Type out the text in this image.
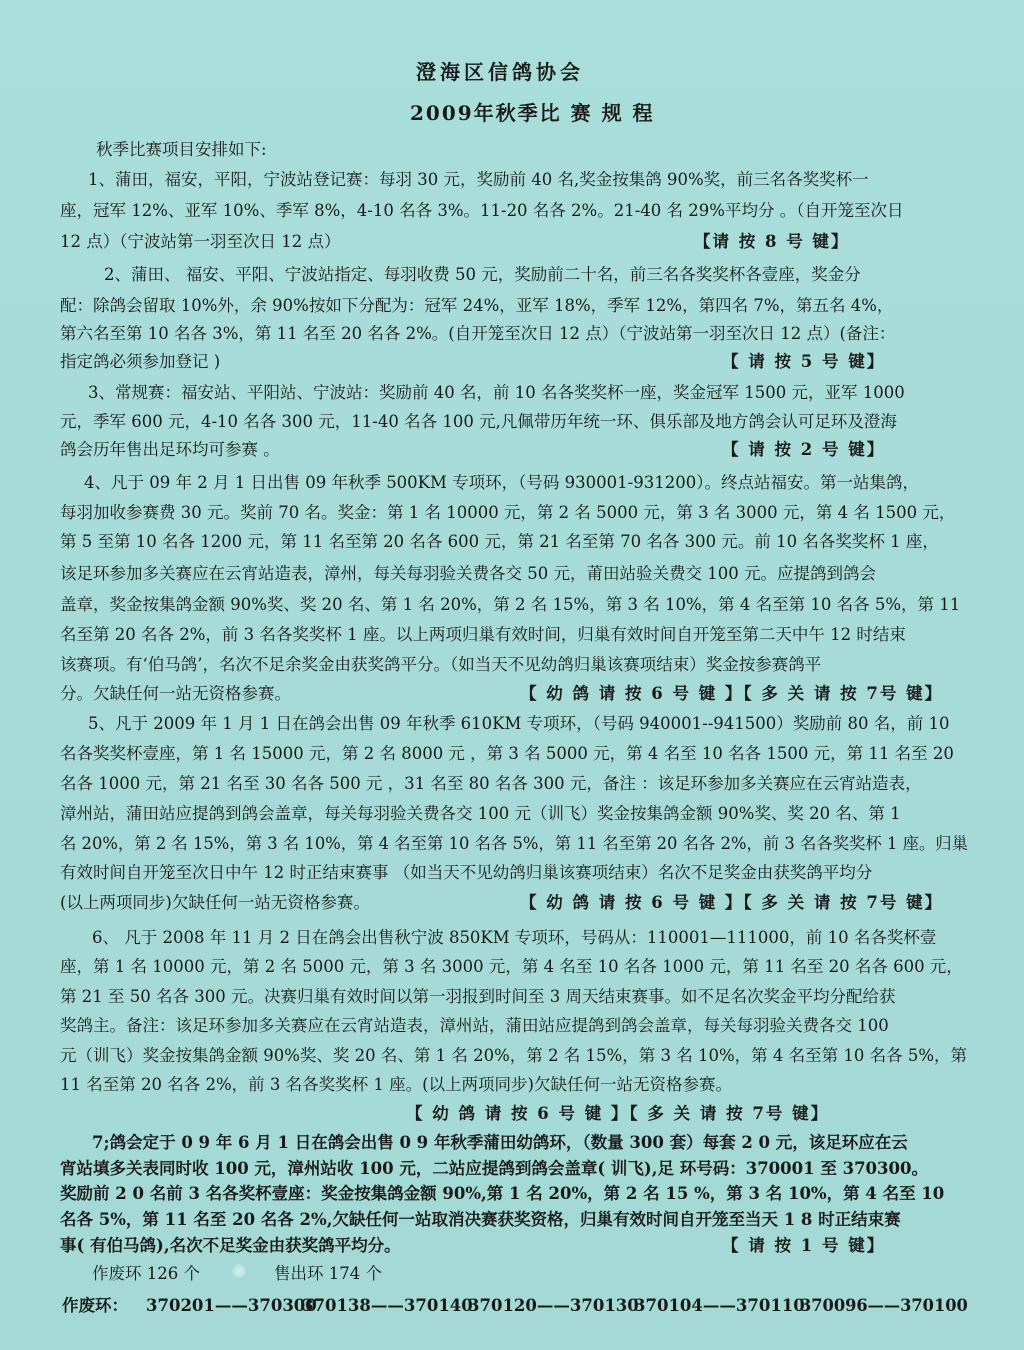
澄海区信鸽协会
2009年秋季比 赛 规 程
秋季比赛项目安排如下:
1、蒲田，福安，平阳，宁波站登记赛：每羽 30 元，奖励前 40 名,奖金按集鸽 90%奖，前三名各奖奖杯一
座，冠军 12%、亚军 10%、季军 8%，4-10 名各 3%。11-20 名各 2%。21-40 名 29%平均分 。（自开笼至次日
12 点）（宁波站第一羽至次日 12 点）	【请 按 8 号 键】
2、蒲田、 福安、平阳、宁波站指定、每羽收费 50 元，奖励前二十名，前三名各奖奖杯各壹座，奖金分
配：除鸽会留取 10%外，余 90%按如下分配为：冠军 24%，亚军 18%，季军 12%，第四名 7%，第五名 4%，
第六名至第 10 名各 3%，第 11 名至 20 名各 2%。(自开笼至次日 12 点）（宁波站第一羽至次日 12 点）(备注：
指定鸽必须参加登记 )	【 请 按 5 号 键】
3、常规赛：福安站、平阳站、宁波站：奖励前 40 名，前 10 名各奖奖杯一座，奖金冠军 1500 元，亚军 1000
元，季军 600 元，4-10 名各 300 元，11-40 名各 100 元,凡佩带历年统一环、俱乐部及地方鸽会认可足环及澄海
鸽会历年售出足环均可参赛 。	【 请 按 2 号 键】
4、凡于 09 年 2 月 1 日出售 09 年秋季 500KM 专项环，（号码 930001-931200）。终点站福安。第一站集鸽，
每羽加收参赛费 30 元。奖前 70 名。奖金：第 1 名 10000 元，第 2 名 5000 元，第 3 名 3000 元，第 4 名 1500 元，
第 5 至第 10 名各 1200 元，第 11 名至第 20 名各 600 元，第 21 名至第 70 名各 300 元。前 10 名各奖奖杯 1 座，
该足环参加多关赛应在云宵站造表，漳州，每关每羽验关费各交 50 元，莆田站验关费交 100 元。应提鸽到鸽会
盖章，奖金按集鸽金额 90%奖、奖 20 名、第 1 名 20%，第 2 名 15%，第 3 名 10%，第 4 名至第 10 名各 5%，第 11
名至第 20 名各 2%，前 3 名各奖奖杯 1 座。以上两项归巢有效时间，归巢有效时间自开笼至第二天中午 12 时结束
该赛项。有‘伯马鸽’，名次不足余奖金由获奖鸽平分。（如当天不见幼鸽归巢该赛项结束）奖金按参赛鸽平
分。欠缺任何一站无资格参赛。	【 幼 鸽 请 按 6 号 键 】【 多 关 请 按 7号 键】
5、凡于 2009 年 1 月 1 日在鸽会出售 09 年秋季 610KM 专项环，（号码 940001--941500）奖励前 80 名，前 10
名各奖奖杯壹座，第 1 名 15000 元，第 2 名 8000 元 ，第 3 名 5000 元，第 4 名至 10 名各 1500 元，第 11 名至 20
名各 1000 元，第 21 名至 30 名各 500 元 ，31 名至 80 名各 300 元，备注 ：该足环参加多关赛应在云宵站造表，
漳州站，蒲田站应提鸽到鸽会盖章，每关每羽验关费各交 100 元（训飞）奖金按集鸽金额 90%奖、奖 20 名、第 1
名 20%，第 2 名 15%，第 3 名 10%，第 4 名至第 10 名各 5%，第 11 名至第 20 名各 2%，前 3 名各奖奖杯 1 座。归巢
有效时间自开笼至次日中午 12 时正结束赛事 （如当天不见幼鸽归巢该赛项结束）名次不足奖金由获奖鸽平均分
(以上两项同步)欠缺任何一站无资格参赛。	【 幼 鸽 请 按 6 号 键 】【 多 关 请 按 7号 键】
6、 凡于 2008 年 11 月 2 日在鸽会出售秋宁波 850KM 专项环，号码从：110001—111000，前 10 名各奖杯壹
座，第 1 名 10000 元，第 2 名 5000 元，第 3 名 3000 元，第 4 名至 10 名各 1000 元，第 11 名至 20 名各 600 元，
第 21 至 50 名各 300 元。决赛归巢有效时间以第一羽报到时间至 3 周天结束赛事。如不足名次奖金平均分配给获
奖鸽主。备注：该足环参加多关赛应在云宵站造表，漳州站，蒲田站应提鸽到鸽会盖章，每关每羽验关费各交 100
元（训飞）奖金按集鸽金额 90%奖、奖 20 名、第 1 名 20%，第 2 名 15%，第 3 名 10%，第 4 名至第 10 名各 5%，第
11 名至第 20 名各 2%，前 3 名各奖奖杯 1 座。(以上两项同步)欠缺任何一站无资格参赛。
【 幼 鸽 请 按 6 号 键 】【 多 关 请 按 7号 键】
7;鸽会定于 0 9 年 6 月 1 日在鸽会出售 0 9 年秋季蒲田幼鸽环，（数量 300 套）每套 2 0 元，该足环应在云
宵站填多关表同时收 100 元，漳州站收 100 元，二站应提鸽到鸽会盖章( 训飞),足 环号码：370001 至 370300。
奖励前 2 0 名前 3 名各奖杯壹座：奖金按集鸽金额 90%,第 1 名 20%，第 2 名 15 %，第 3 名 10%，第 4 名至 10
名各 5%，第 11 名至 20 名各 2%,欠缺任何一站取消决赛获奖资格，归巢有效时间自开笼至当天 1 8 时正结束赛
事( 有伯马鸽),名次不足奖金由获奖鸽平均分。	【 请 按 1 号 键】
作废环 126 个	售出环 174 个
作废环： 370201——370300
370138——370140
370120——370130
370104——370110
370096——370100
